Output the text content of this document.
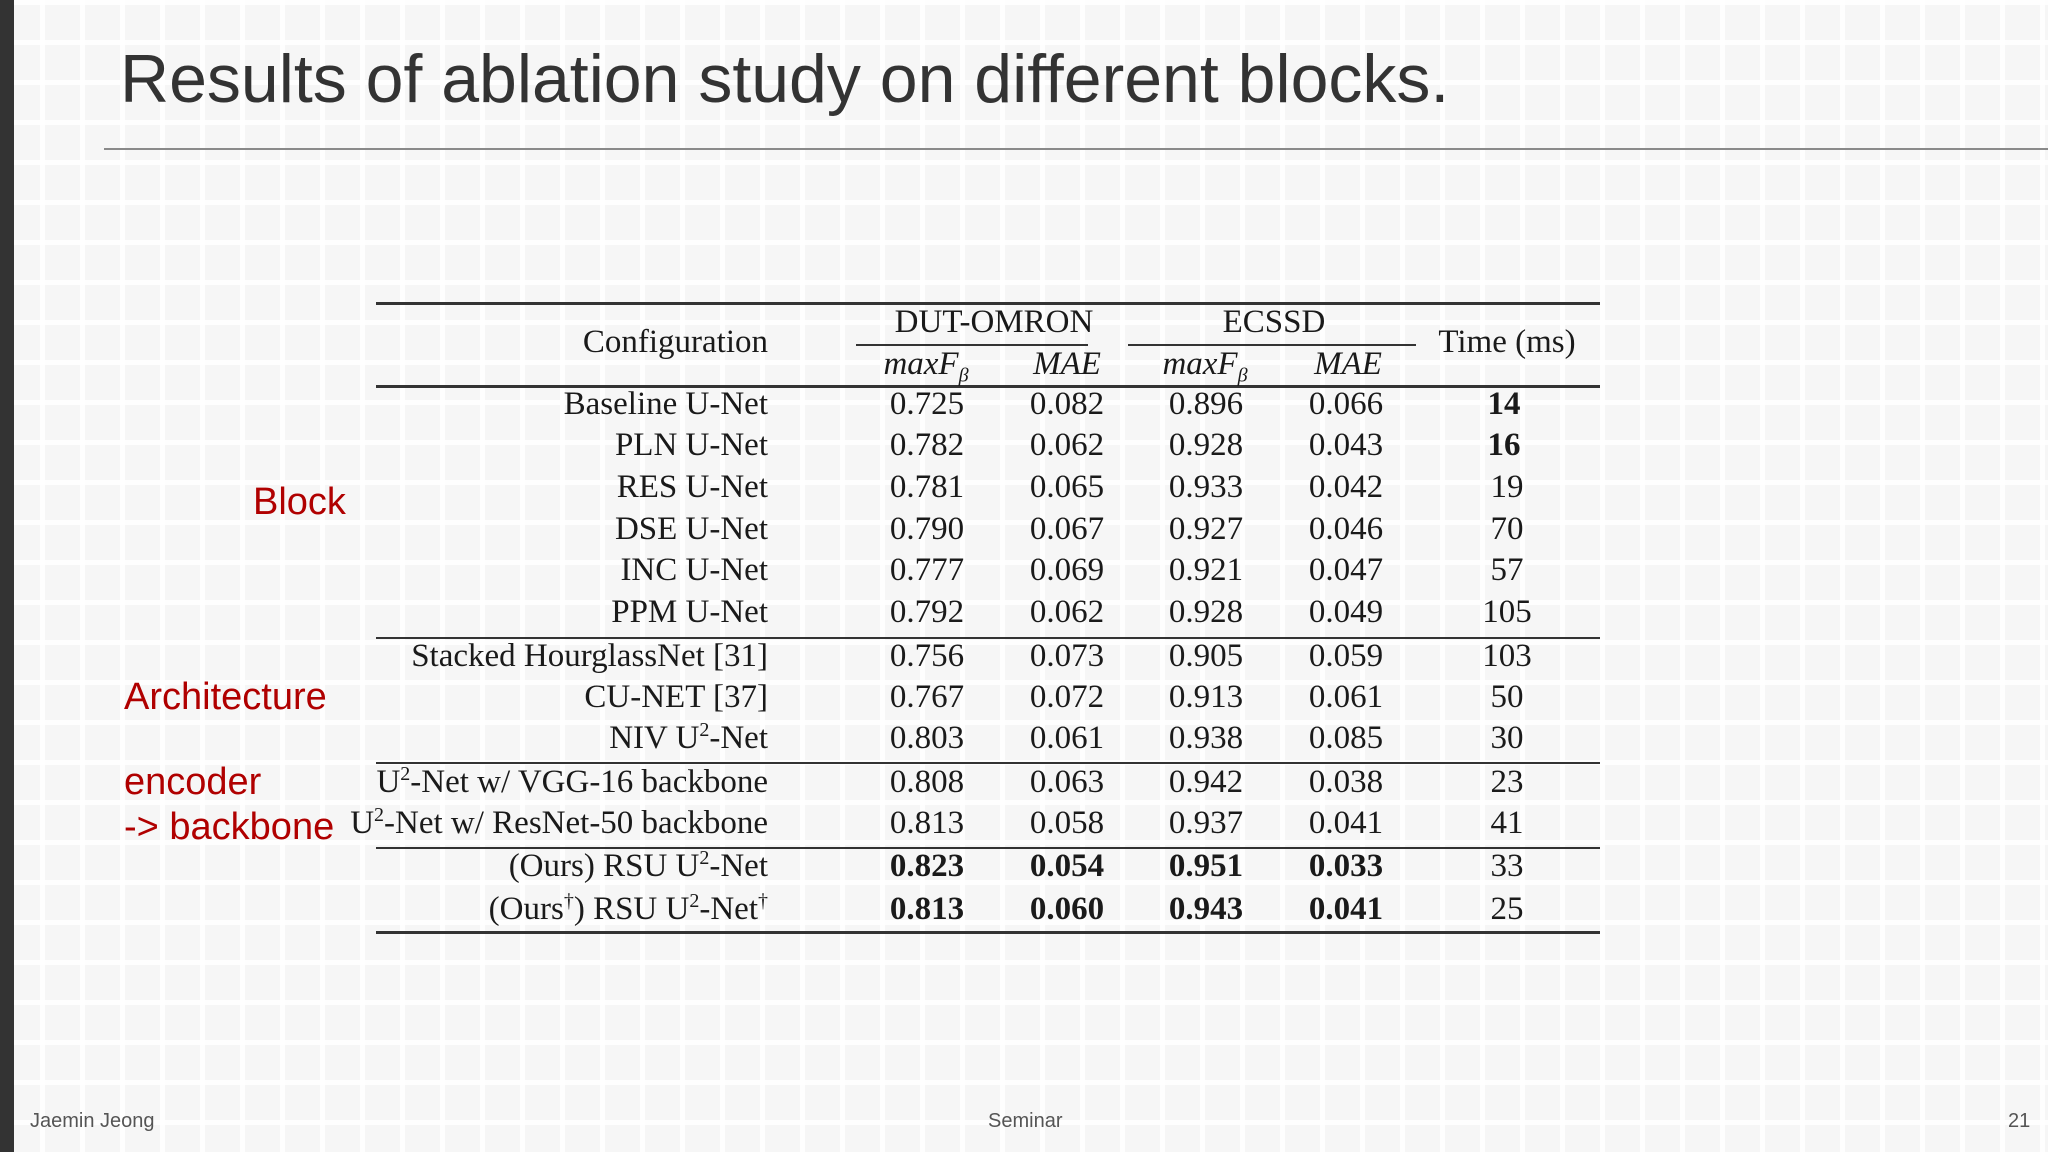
Results of ablation study on different blocks.
Block
Architecture
encoder
-> backbone
Configuration
DUT-OMRON	ECSSD
Time (ms)
maxF$_\beta$ MAE maxF$_\beta$ MAE
Baseline U-Net	0.725 0.082 0.896 0.066	14
PLN U-Net	0.782 0.062 0.928 0.043	16
RES U-Net	0.781 0.065 0.933 0.042	19
DSE U-Net	0.790 0.067 0.927 0.046	70
INC U-Net	0.777 0.069 0.921 0.047	57
PPM U-Net	0.792 0.062 0.928 0.049	105
Stacked HourglassNet [31]	0.756 0.073 0.905 0.059	103
CU-NET [37]	0.767 0.072 0.913 0.061	50
NIV $U^2$-Net	0.803 0.061 0.938 0.085	30
$U^2$-Net w/ VGG-16 backbone	0.808 0.063 0.942 0.038	23
$U^2$-Net w/ ResNet-50 backbone	0.813 0.058 0.937 0.041	41
(Ours) RSU $U^2$-Net	0.823 0.054 0.951 0.033	33
(Ours†) RSU $U^2-Net^\dagger$	0.813 0.060 0.943 0.041	25
Jaemin Jeong	Seminar	21
